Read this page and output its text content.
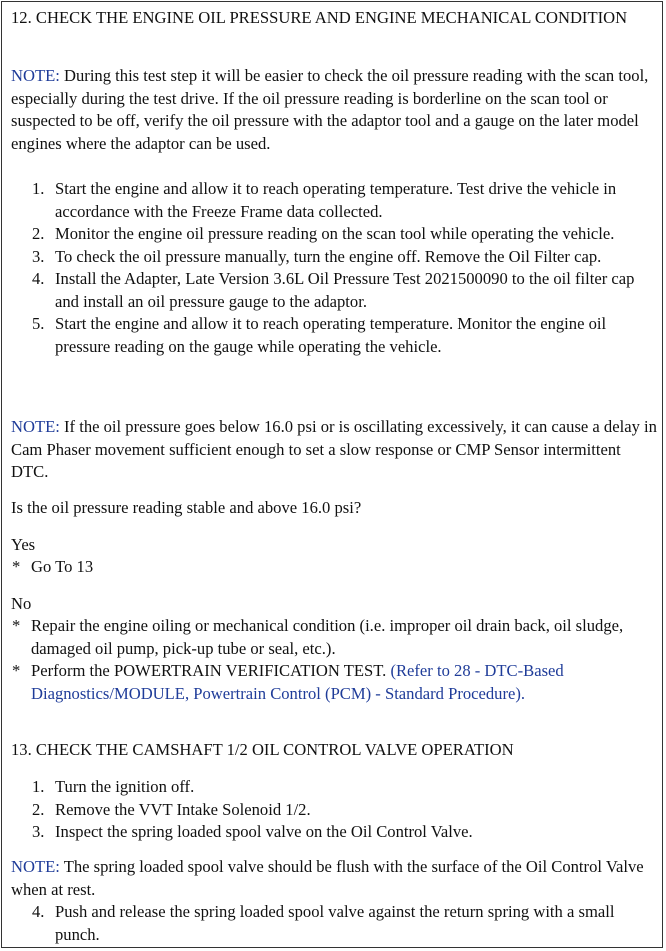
12. CHECK THE ENGINE OIL PRESSURE AND ENGINE MECHANICAL CONDITION
NOTE: During this test step it will be easier to check the oil pressure reading with the scan tool, especially during the test drive. If the oil pressure reading is borderline on the scan tool or suspected to be off, verify the oil pressure with the adaptor tool and a gauge on the later model engines where the adaptor can be used.
1. Start the engine and allow it to reach operating temperature. Test drive the vehicle in accordance with the Freeze Frame data collected.
2. Monitor the engine oil pressure reading on the scan tool while operating the vehicle.
3. To check the oil pressure manually, turn the engine off. Remove the Oil Filter cap.
4. Install the Adapter, Late Version 3.6L Oil Pressure Test 2021500090 to the oil filter cap and install an oil pressure gauge to the adaptor.
5. Start the engine and allow it to reach operating temperature. Monitor the engine oil pressure reading on the gauge while operating the vehicle.
NOTE: If the oil pressure goes below 16.0 psi or is oscillating excessively, it can cause a delay in Cam Phaser movement sufficient enough to set a slow response or CMP Sensor intermittent DTC.
Is the oil pressure reading stable and above 16.0 psi?
Yes
* Go To 13
No
* Repair the engine oiling or mechanical condition (i.e. improper oil drain back, oil sludge, damaged oil pump, pick-up tube or seal, etc.).
* Perform the POWERTRAIN VERIFICATION TEST. (Refer to 28 - DTC-Based Diagnostics/MODULE, Powertrain Control (PCM) - Standard Procedure).
13. CHECK THE CAMSHAFT 1/2 OIL CONTROL VALVE OPERATION
1. Turn the ignition off.
2. Remove the VVT Intake Solenoid 1/2.
3. Inspect the spring loaded spool valve on the Oil Control Valve.
NOTE: The spring loaded spool valve should be flush with the surface of the Oil Control Valve when at rest.
4. Push and release the spring loaded spool valve against the return spring with a small punch.
